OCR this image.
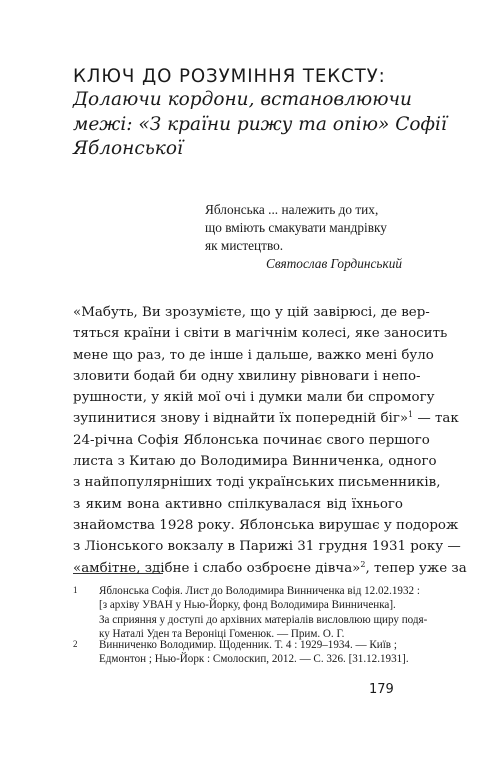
КЛЮЧ ДО РОЗУМІННЯ ТЕКСТУ:
Долаючи кордони, встановлюючи
межі: «З країни рижу та опію» Софії
Яблонської
Яблонська ... належить до тих,
що вміють смакувати мандрівку
як мистецтво.
Святослав Гординський
«Мабуть, Ви зрозумієте, що у цій завірюсі, де вер-
тяться країни і світи в магічнім колесі, яке заносить
мене що раз, то де інше і дальше, важко мені було
зловити бодай би одну хвилину рівноваги і непо-
рушности, у якій мої очі і думки мали би спромогу
зупинитися знову і віднайти їх попередній біг»$^1$ — так
24-річна Софія Яблонська починає свого першого
листа з Китаю до Володимира Винниченка, одного
з найпопулярніших тоді українських письменників,
з яким вона активно спілкувалася від їхнього
знайомства 1928 року. Яблонська вирушає у подорож
з Ліонського вокзалу в Парижі 31 грудня 1931 року —
«амбітне, здібне і слабо озброєне дівча»$^2$, тепер уже за
1 Яблонська Софія. Лист до Володимира Винниченка від 12.02.1932 :
[з архіву УВАН у Нью-Йорку, фонд Володимира Винниченка].
За сприяння у доступі до архівних матеріалів висловлюю щиру подя-
ку Наталі Уден та Вероніці Гоменюк. — Прим. О. Г.
2 Винниченко Володимир. Щоденник. Т. 4 : 1929–1934. — Київ ;
Едмонтон ; Нью-Йорк : Смолоскип, 2012. — С. 326. [31.12.1931].
179
